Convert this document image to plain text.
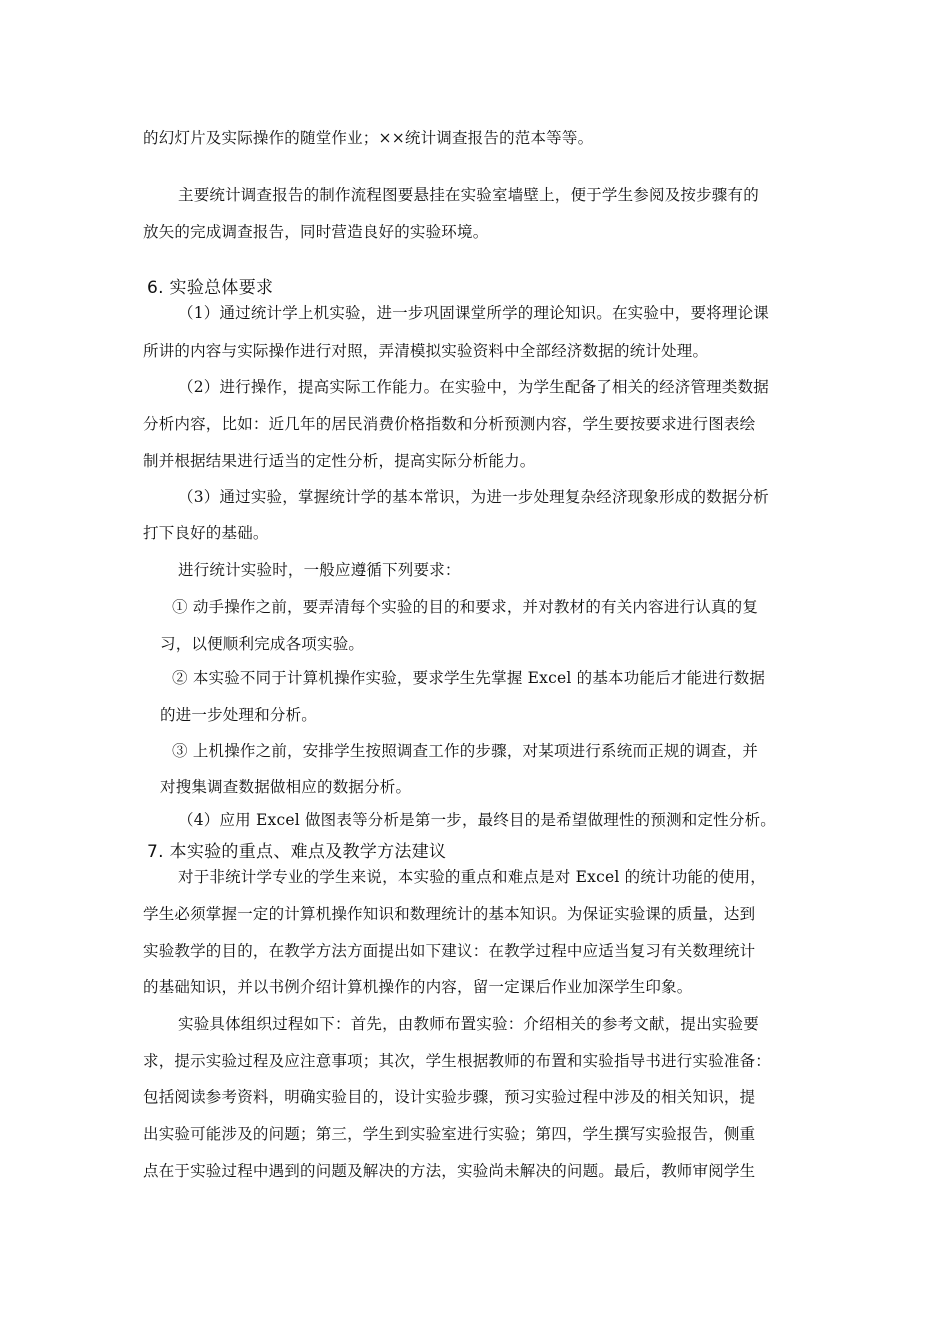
的幻灯片及实际操作的随堂作业；××统计调查报告的范本等等。
主要统计调查报告的制作流程图要悬挂在实验室墙壁上，便于学生参阅及按步骤有的
放矢的完成调查报告，同时营造良好的实验环境。
6. 实验总体要求
（1）通过统计学上机实验，进一步巩固课堂所学的理论知识。在实验中，要将理论课
所讲的内容与实际操作进行对照，弄清模拟实验资料中全部经济数据的统计处理。
（2）进行操作，提高实际工作能力。在实验中，为学生配备了相关的经济管理类数据
分析内容，比如：近几年的居民消费价格指数和分析预测内容，学生要按要求进行图表绘
制并根据结果进行适当的定性分析，提高实际分析能力。
（3）通过实验，掌握统计学的基本常识，为进一步处理复杂经济现象形成的数据分析
打下良好的基础。
进行统计实验时，一般应遵循下列要求：
① 动手操作之前，要弄清每个实验的目的和要求，并对教材的有关内容进行认真的复
习，以便顺利完成各项实验。
② 本实验不同于计算机操作实验，要求学生先掌握 Excel 的基本功能后才能进行数据
的进一步处理和分析。
③ 上机操作之前，安排学生按照调查工作的步骤，对某项进行系统而正规的调查，并
对搜集调查数据做相应的数据分析。
（4）应用 Excel 做图表等分析是第一步，最终目的是希望做理性的预测和定性分析。
7. 本实验的重点、难点及教学方法建议
对于非统计学专业的学生来说，本实验的重点和难点是对 Excel 的统计功能的使用，
学生必须掌握一定的计算机操作知识和数理统计的基本知识。为保证实验课的质量，达到
实验教学的目的，在教学方法方面提出如下建议：在教学过程中应适当复习有关数理统计
的基础知识，并以书例介绍计算机操作的内容，留一定课后作业加深学生印象。
实验具体组织过程如下：首先，由教师布置实验：介绍相关的参考文献，提出实验要
求，提示实验过程及应注意事项；其次，学生根据教师的布置和实验指导书进行实验准备：
包括阅读参考资料，明确实验目的，设计实验步骤，预习实验过程中涉及的相关知识，提
出实验可能涉及的问题；第三，学生到实验室进行实验；第四，学生撰写实验报告，侧重
点在于实验过程中遇到的问题及解决的方法，实验尚未解决的问题。最后，教师审阅学生
